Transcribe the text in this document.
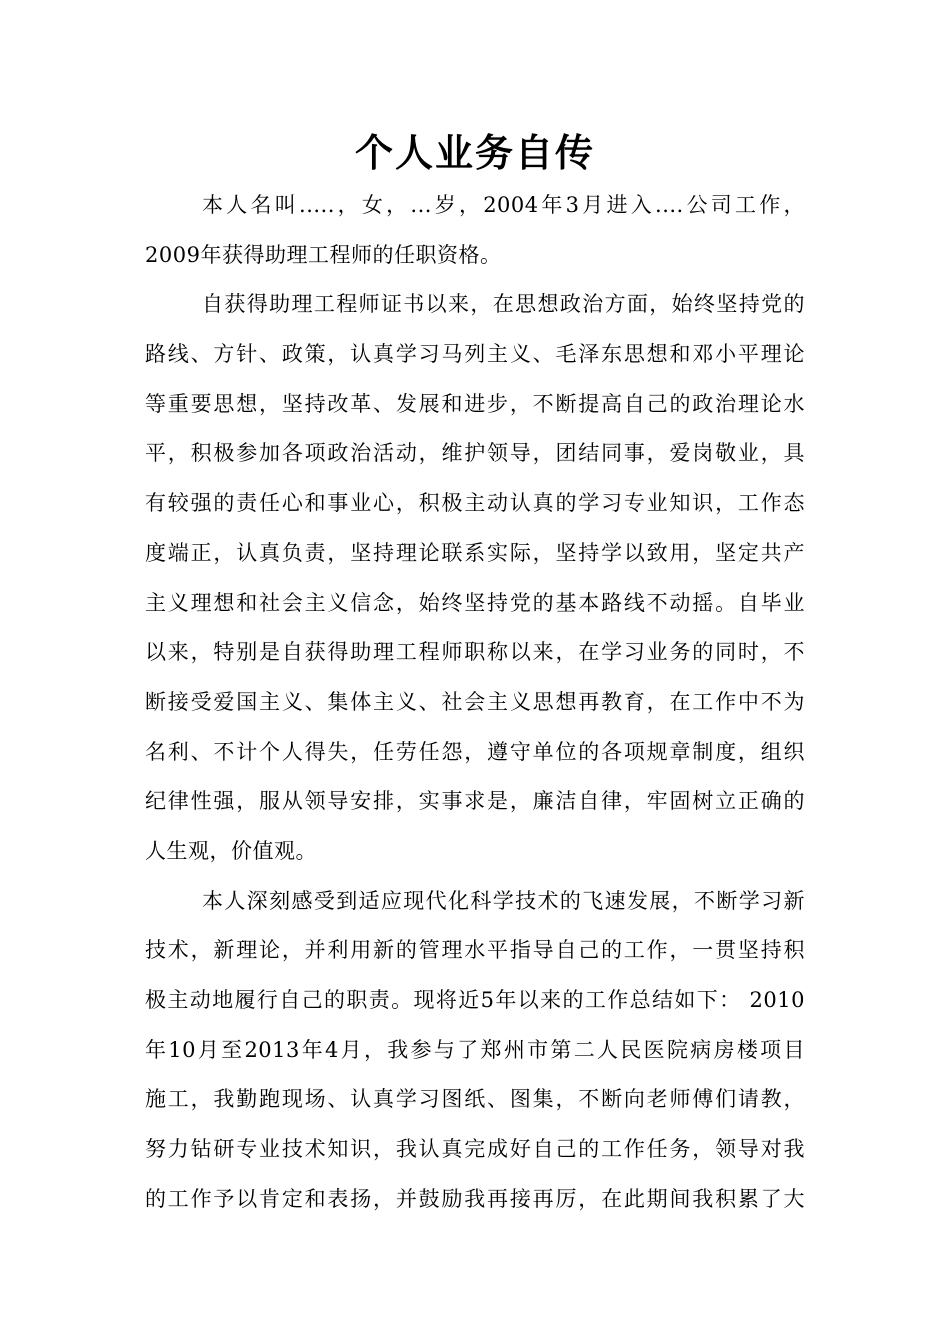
个人业务自传
本人名叫.....，女，...岁，2004年3月进入....公司工作，
2009年获得助理工程师的任职资格。
自获得助理工程师证书以来，在思想政治方面，始终坚持党的
路线、方针、政策，认真学习马列主义、毛泽东思想和邓小平理论
等重要思想，坚持改革、发展和进步，不断提高自己的政治理论水
平，积极参加各项政治活动，维护领导，团结同事，爱岗敬业，具
有较强的责任心和事业心，积极主动认真的学习专业知识，工作态
度端正，认真负责，坚持理论联系实际，坚持学以致用，坚定共产
主义理想和社会主义信念，始终坚持党的基本路线不动摇。自毕业
以来，特别是自获得助理工程师职称以来，在学习业务的同时，不
断接受爱国主义、集体主义、社会主义思想再教育，在工作中不为
名利、不计个人得失，任劳任怨，遵守单位的各项规章制度，组织
纪律性强，服从领导安排，实事求是，廉洁自律，牢固树立正确的
人生观，价值观。
本人深刻感受到适应现代化科学技术的飞速发展，不断学习新
技术，新理论，并利用新的管理水平指导自己的工作，一贯坚持积
极主动地履行自己的职责。现将近5年以来的工作总结如下： 2010
年10月至2013年4月，我参与了郑州市第二人民医院病房楼项目
施工，我勤跑现场、认真学习图纸、图集，不断向老师傅们请教，
努力钻研专业技术知识，我认真完成好自己的工作任务，领导对我
的工作予以肯定和表扬，并鼓励我再接再厉，在此期间我积累了大
